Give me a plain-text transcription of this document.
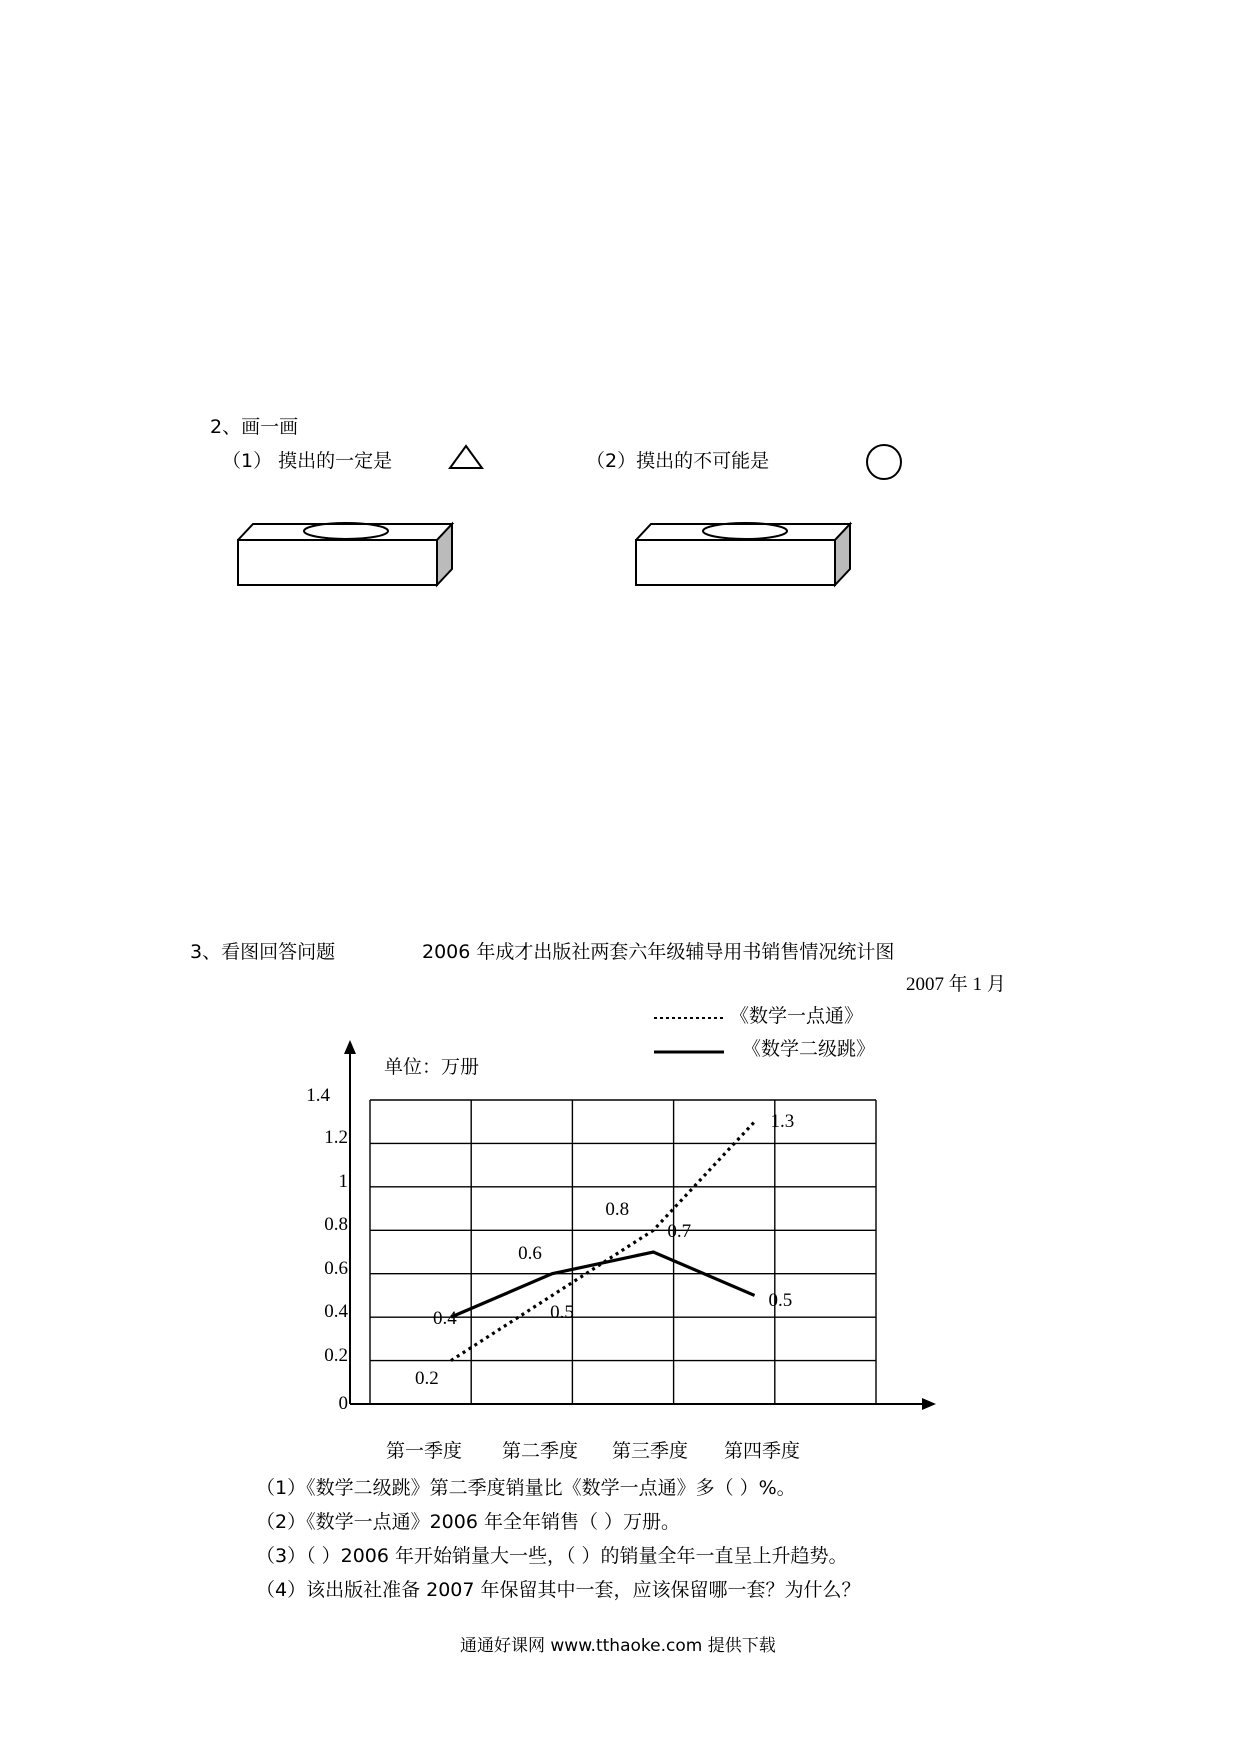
2、画一画
（1） 摸出的一定是	（2）摸出的不可能是
3、看图回答问题	2006 年成才出版社两套六年级辅导用书销售情况统计图
2007 年 1 月
单位：万册
《数学一点通》
《数学二级跳》
第一季度 第二季度 第三季度 第四季度
0
0.2
0.4
0.6
0.8
1
1.2
1.4
0.2
0.5
0.8
1.3
0.4
0.6
0.7
0.5
（1）《数学二级跳》第二季度销量比《数学一点通》多（ ）%。
（2）《数学一点通》2006 年全年销售（ ）万册。
（3）（ ）2006 年开始销量大一些，（ ）的销量全年一直呈上升趋势。
（4）该出版社准备 2007 年保留其中一套，应该保留哪一套？为什么？
通通好课网 www.tthaoke.com 提供下载
